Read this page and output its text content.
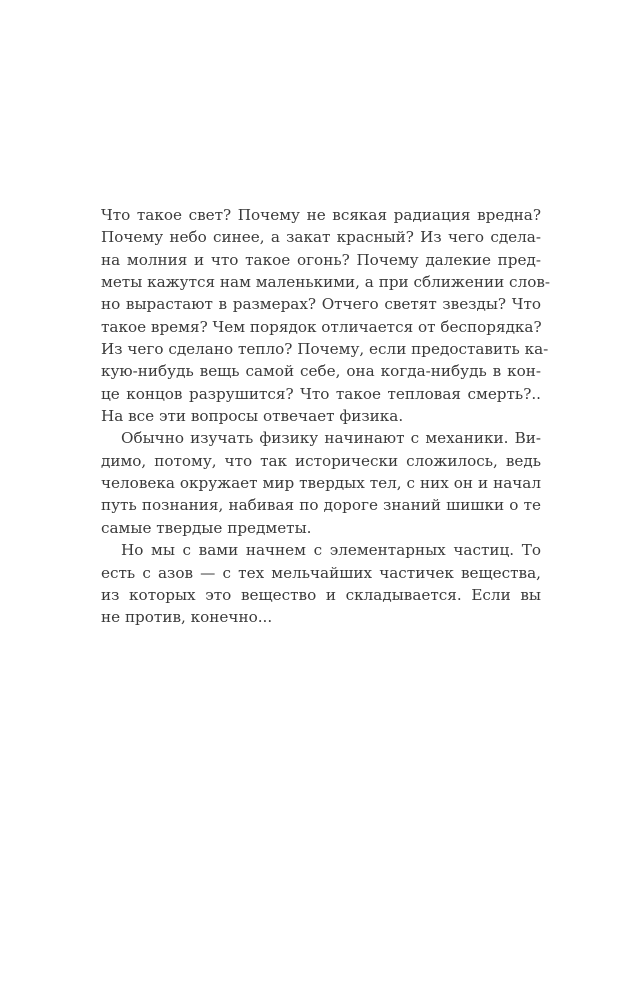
Что такое свет? Почему не всякая радиация вредна?
Почему небо синее, а закат красный? Из чего сдела-
на молния и что такое огонь? Почему далекие пред-
меты кажутся нам маленькими, а при сближении слов-
но вырастают в размерах? Отчего светят звезды? Что
такое время? Чем порядок отличается от беспорядка?
Из чего сделано тепло? Почему, если предоставить ка-
кую-нибудь вещь самой себе, она когда-нибудь в кон-
це концов разрушится? Что такое тепловая смерть?..
На все эти вопросы отвечает физика.
Обычно изучать физику начинают с механики. Ви-
димо, потому, что так исторически сложилось, ведь
человека окружает мир твердых тел, с них он и начал
путь познания, набивая по дороге знаний шишки о те
самые твердые предметы.
Но мы с вами начнем с элементарных частиц. То
есть с азов — с тех мельчайших частичек вещества,
из которых это вещество и складывается. Если вы
не против, конечно...
